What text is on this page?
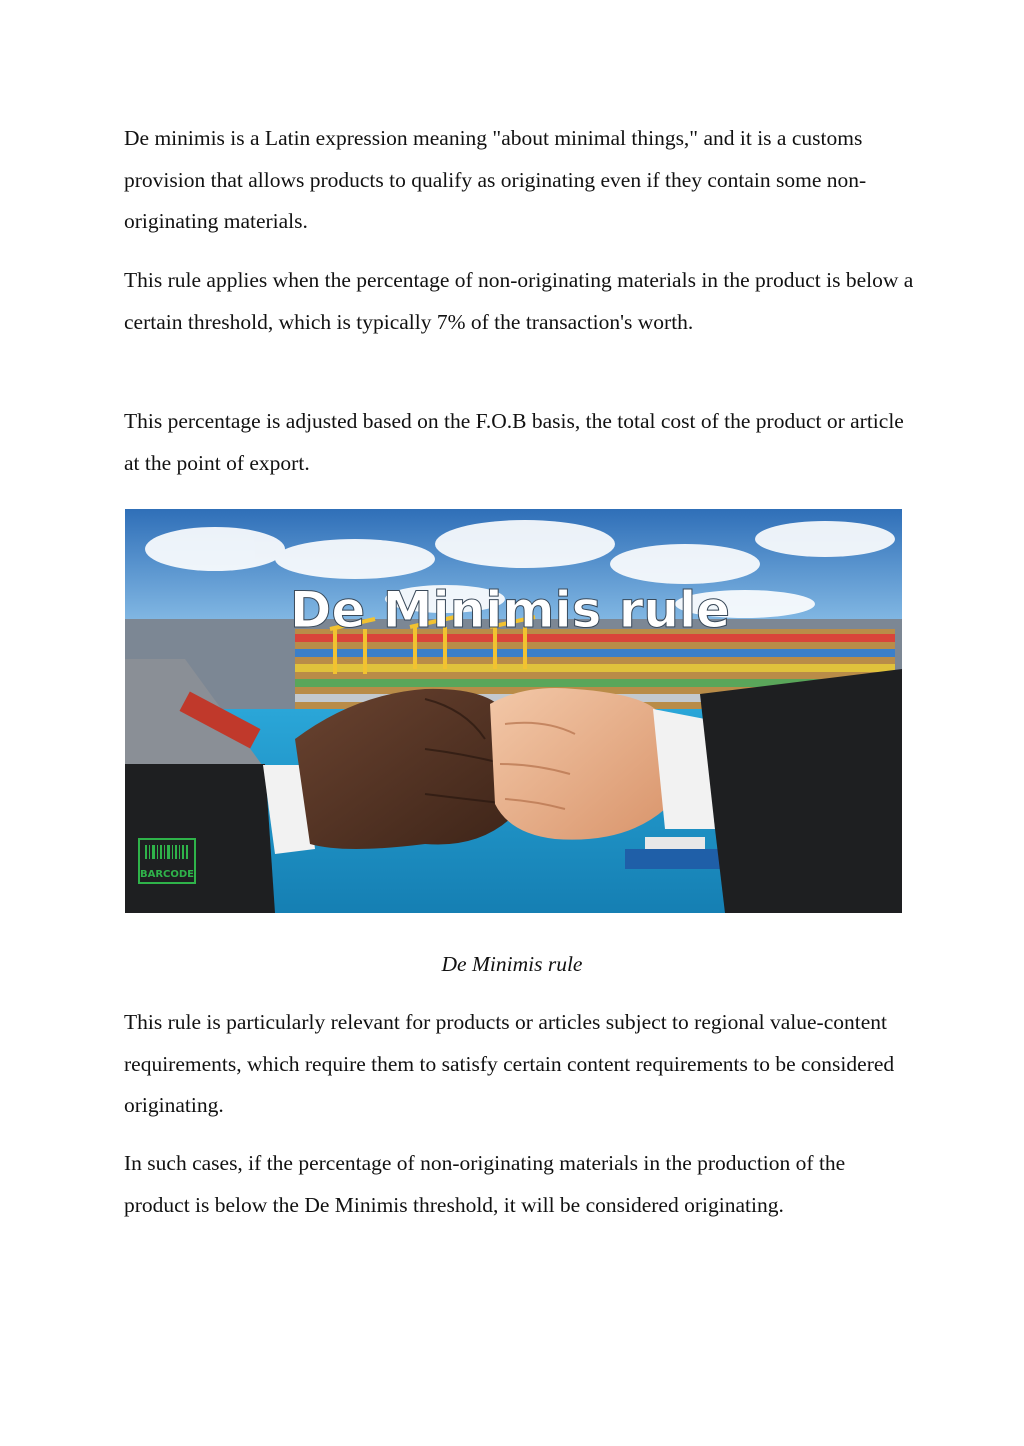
De minimis is a Latin expression meaning "about minimal things," and it is a customs provision that allows products to qualify as originating even if they contain some non-originating materials.

This rule applies when the percentage of non-originating materials in the product is below a certain threshold, which is typically 7% of the transaction's worth.

This percentage is adjusted based on the F.O.B basis, the total cost of the product or article at the point of export.

De Minimis rule
BARCODE

De Minimis rule

This rule is particularly relevant for products or articles subject to regional value-content requirements, which require them to satisfy certain content requirements to be considered originating.

In such cases, if the percentage of non-originating materials in the production of the product is below the De Minimis threshold, it will be considered originating.
